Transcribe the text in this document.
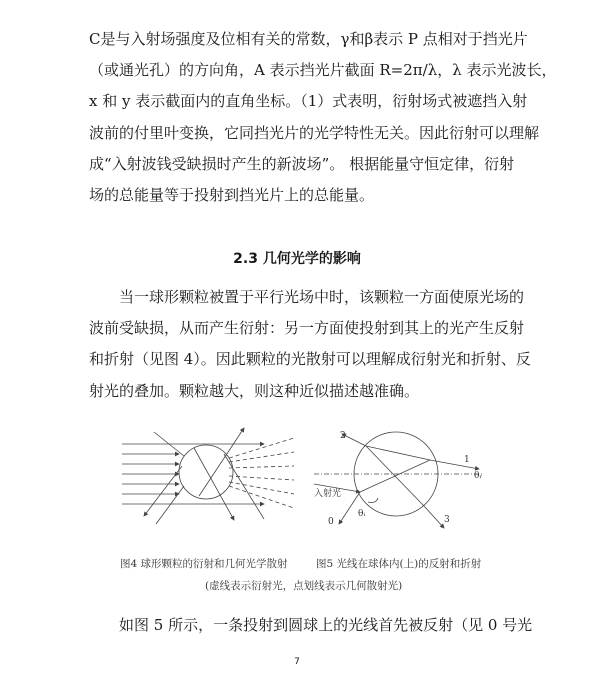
C是与入射场强度及位相有关的常数，γ和β表示 P 点相对于挡光片
（或通光孔）的方向角，A 表示挡光片截面 R=2π/λ，λ 表示光波长，
x 和 y 表示截面内的直角坐标。（1）式表明，衍射场式被遮挡入射
波前的付里叶变换，它同挡光片的光学特性无关。因此衍射可以理解
成“入射波钱受缺损时产生的新波场”。 根据能量守恒定律，衍射
场的总能量等于投射到挡光片上的总能量。

2.3 几何光学的影响

当一球形颗粒被置于平行光场中时，该颗粒一方面使原光场的
波前受缺损，从而产生衍射：另一方面使投射到其上的光产生反射
和折射（见图 4）。因此颗粒的光散射可以理解成衍射光和折射、反
射光的叠加。颗粒越大，则这种近似描述越准确。

2
1
0	3
θᵢ
θᵣ
入射光
图4 球形颗粒的衍射和几何光学散射	图5 光线在球体内(上)的反射和折射
(虚线表示衍射光，点划线表示几何散射光)

如图 5 所示，一条投射到圆球上的光线首先被反射（见 0 号光

7
